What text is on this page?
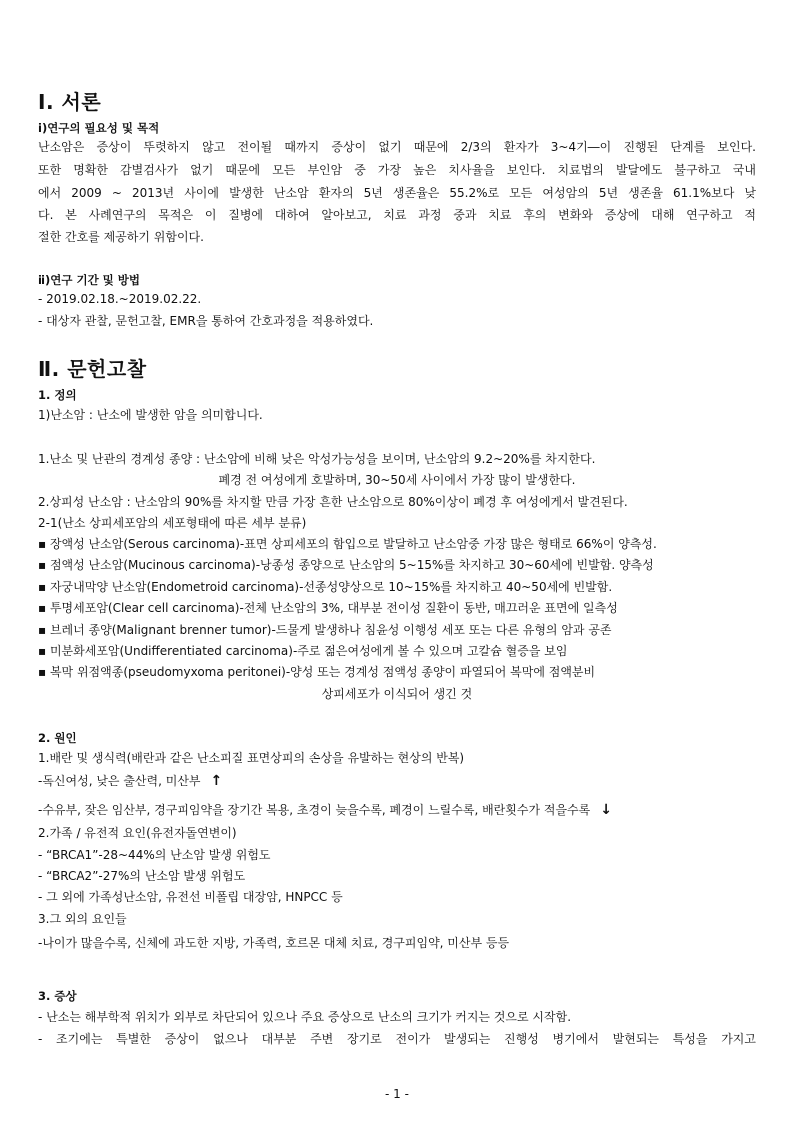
Ⅰ. 서론
ⅰ)연구의 필요성 및 목적
난소암은 증상이 뚜렷하지 않고 전이될 때까지 증상이 없기 때문에 2/3의 환자가 3~4기―이 진행된 단계를 보인다.
또한 명확한 감별검사가 없기 때문에 모든 부인암 중 가장 높은 치사율을 보인다. 치료법의 발달에도 불구하고 국내
에서 2009 ~ 2013년 사이에 발생한 난소암 환자의 5년 생존율은 55.2%로 모든 여성암의 5년 생존율 61.1%보다 낮
다. 본 사례연구의 목적은 이 질병에 대하여 알아보고, 치료 과정 중과 치료 후의 변화와 증상에 대해 연구하고 적
절한 간호를 제공하기 위함이다.
ⅱ)연구 기간 및 방법
- 2019.02.18.~2019.02.22.
- 대상자 관찰, 문헌고찰, EMR을 통하여 간호과정을 적용하였다.
Ⅱ. 문헌고찰
1. 정의
1)난소암 : 난소에 발생한 암을 의미합니다.
1.난소 및 난관의 경계성 종양 : 난소암에 비해 낮은 악성가능성을 보이며, 난소암의 9.2~20%를 차지한다.
폐경 전 여성에게 호발하며, 30~50세 사이에서 가장 많이 발생한다.
2.상피성 난소암 : 난소암의 90%를 차지할 만큼 가장 흔한 난소암으로 80%이상이 폐경 후 여성에게서 발견된다.
2-1(난소 상피세포암의 세포형태에 따른 세부 분류)
▪ 장액성 난소암(Serous carcinoma)-표면 상피세포의 함입으로 발달하고 난소암중 가장 많은 형태로 66%이 양측성.
▪ 점액성 난소암(Mucinous carcinoma)-낭종성 종양으로 난소암의 5~15%를 차지하고 30~60세에 빈발함. 양측성
▪ 자궁내막양 난소암(Endometroid carcinoma)-선종성양상으로 10~15%를 차지하고 40~50세에 빈발함.
▪ 투명세포암(Clear cell carcinoma)-전체 난소암의 3%, 대부분 전이성 질환이 동반, 매끄러운 표면에 일측성
▪ 브레너 종양(Malignant brenner tumor)-드물게 발생하나 침윤성 이행성 세포 또는 다른 유형의 암과 공존
▪ 미분화세포암(Undifferentiated carcinoma)-주로 젊은여성에게 볼 수 있으며 고칼슘 혈증을 보임
▪ 복막 위점액종(pseudomyxoma peritonei)-양성 또는 경계성 점액성 종양이 파열되어 복막에 점액분비
상피세포가 이식되어 생긴 것
2. 원인
1.배란 및 생식력(배란과 같은 난소피질 표면상피의 손상을 유발하는 현상의 반복)
-독신여성, 낮은 출산력, 미산부 ↑
-수유부, 잦은 임산부, 경구피임약을 장기간 복용, 초경이 늦을수록, 폐경이 느릴수록, 배란횟수가 적을수록 ↓
2.가족 / 유전적 요인(유전자돌연변이)
- “BRCA1”-28~44%의 난소암 발생 위험도
- “BRCA2”-27%의 난소암 발생 위험도
- 그 외에 가족성난소암, 유전선 비폴립 대장암, HNPCC 등
3.그 외의 요인들
-나이가 많을수록, 신체에 과도한 지방, 가족력, 호르몬 대체 치료, 경구피임약, 미산부 등등
3. 증상
- 난소는 해부학적 위치가 외부로 차단되어 있으나 주요 증상으로 난소의 크기가 커지는 것으로 시작함.
- 조기에는 특별한 증상이 없으나 대부분 주변 장기로 전이가 발생되는 진행성 병기에서 발현되는 특성을 가지고
- 1 -
